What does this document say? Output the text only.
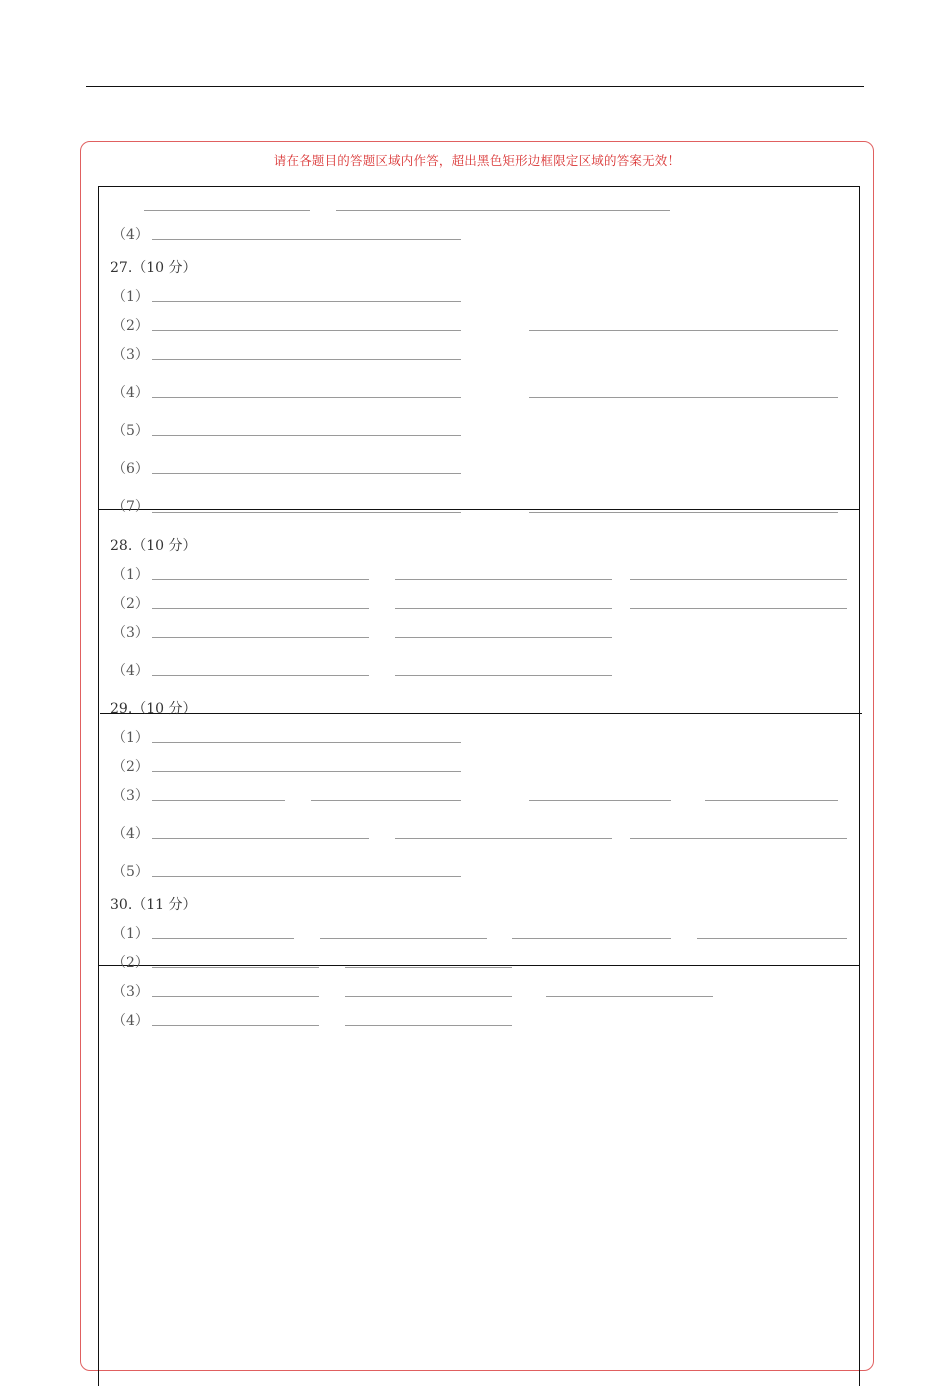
请在各题目的答题区域内作答，超出黑色矩形边框限定区域的答案无效！
（4）
27.（10 分）
（1）
（2）
（3）
（4）
（5）
（6）
（7）
28.（10 分）
（1）
（2）
（3）
（4）
29.（10 分）
（1）
（2）
（3）
（4）
（5）
30.（11 分）
（1）
（2）
（3）
（4）
